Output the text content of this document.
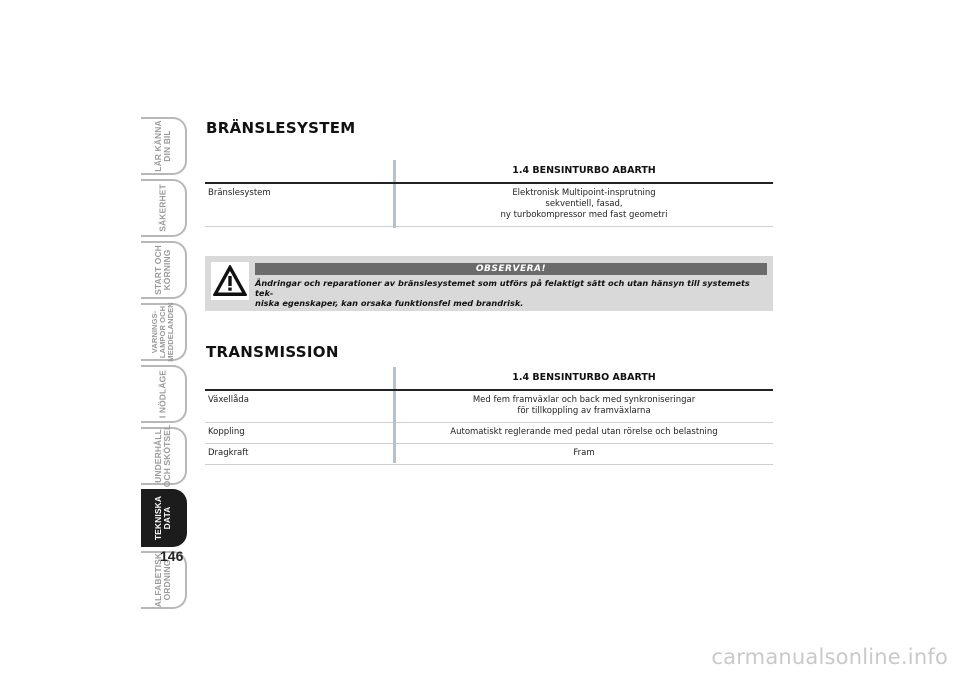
LÄR KÄNNA
DIN BIL
SÄKERHET
START OCH
KÖRNING
VARNINGS-
LAMPOR OCH
MEDDELANDEN
I NÖDLÄGE
UNDERHÅLL
OCH SKÖTSEL
TEKNISKA
DATA
ALFABETISK
ORDNING
146
BRÄNSLESYSTEM
1.4 BENSINTURBO ABARTH
Bränslesystem	Elektronisk Multipoint-insprutning
sekventiell, fasad,
ny turbokompressor med fast geometri
OBSERVERA!
Ändringar och reparationer av bränslesystemet som utförs på felaktigt sätt och utan hänsyn till systemets tek-
niska egenskaper, kan orsaka funktionsfel med brandrisk.
TRANSMISSION
1.4 BENSINTURBO ABARTH
Växellåda	Med fem framväxlar och back med synkroniseringar
för tillkoppling av framväxlarna
Koppling	Automatiskt reglerande med pedal utan rörelse och belastning
Dragkraft	Fram
carmanualsonline.info
